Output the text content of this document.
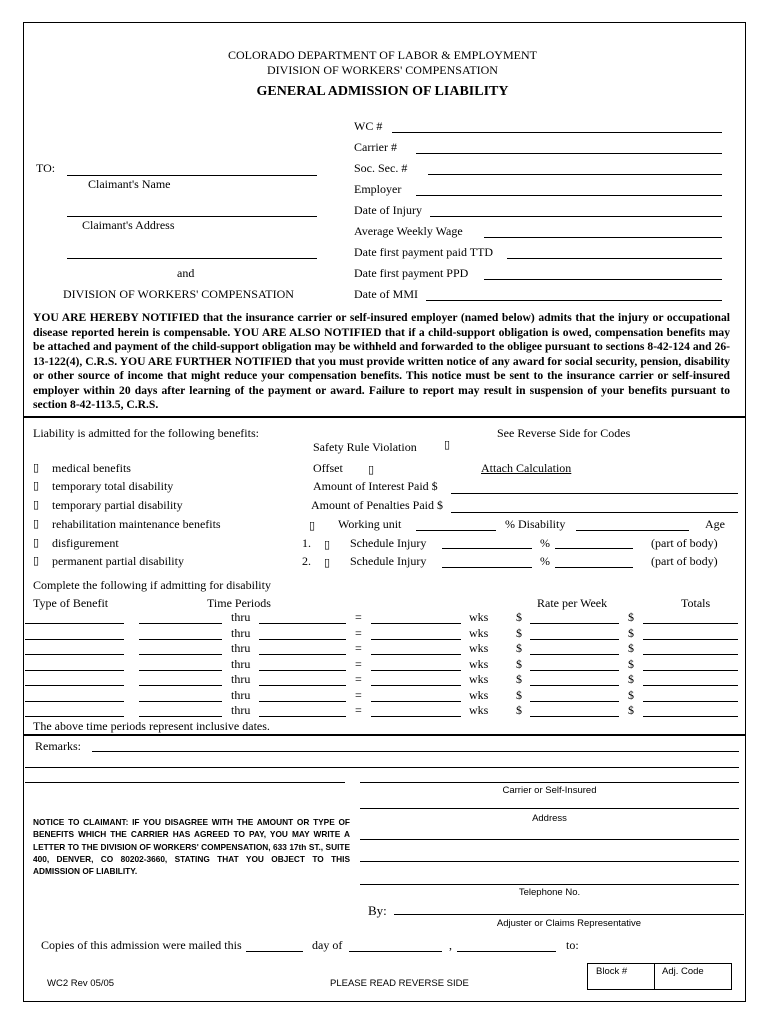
COLORADO DEPARTMENT OF LABOR & EMPLOYMENT
DIVISION OF WORKERS' COMPENSATION
GENERAL ADMISSION OF LIABILITY
TO:
Claimant's Name
Claimant's Address
and
DIVISION OF WORKERS' COMPENSATION
WC #
Carrier #
Soc. Sec. #
Employer
Date of Injury
Average Weekly Wage
Date first payment paid TTD
Date first payment PPD
Date of MMI
YOU ARE HEREBY NOTIFIED that the insurance carrier or self-insured employer (named below) admits that the injury or occupational disease reported herein is compensable. YOU ARE ALSO NOTIFIED that if a child-support obligation is owed, compensation benefits may be attached and payment of the child-support obligation may be withheld and forwarded to the obligee pursuant to sections 8-42-124 and 26-13-122(4), C.R.S. YOU ARE FURTHER NOTIFIED that you must provide written notice of any award for social security, pension, disability or other source of income that might reduce your compensation benefits. This notice must be sent to the insurance carrier or self-insured employer within 20 days after learning of the payment or award. Failure to report may result in suspension of your benefits pursuant to section 8-42-113.5, C.R.S.
Liability is admitted for the following benefits:	See Reverse Side for Codes
Safety Rule Violation ▯
▯ medical benefits
▯ temporary total disability
▯ temporary partial disability
▯ rehabilitation maintenance benefits
▯ disfigurement
▯ permanent partial disability
Offset ▯	Attach Calculation
Amount of Interest Paid $
Amount of Penalties Paid $
▯ Working unit	% Disability	Age
1. ▯ Schedule Injury	%	(part of body)
2. ▯ Schedule Injury	%	(part of body)
Complete the following if admitting for disability
Type of Benefit	Time Periods	Rate per Week	Totals
thru	=	wks $	$
thru	=	wks $	$
thru	=	wks $	$
thru	=	wks $	$
thru	=	wks $	$
thru	=	wks $	$
thru	=	wks $	$
The above time periods represent inclusive dates.
Remarks:
Carrier or Self-Insured
Address
Telephone No.
NOTICE TO CLAIMANT: IF YOU DISAGREE WITH THE AMOUNT OR TYPE OF BENEFITS WHICH THE CARRIER HAS AGREED TO PAY, YOU MAY WRITE A LETTER TO THE DIVISION OF WORKERS' COMPENSATION, 633 17th ST., SUITE 400, DENVER, CO 80202-3660, STATING THAT YOU OBJECT TO THIS ADMISSION OF LIABILITY.
By:
Adjuster or Claims Representative
Copies of this admission were mailed this	day of	,	to:
WC2 Rev 05/05	PLEASE READ REVERSE SIDE
Block #	Adj. Code
